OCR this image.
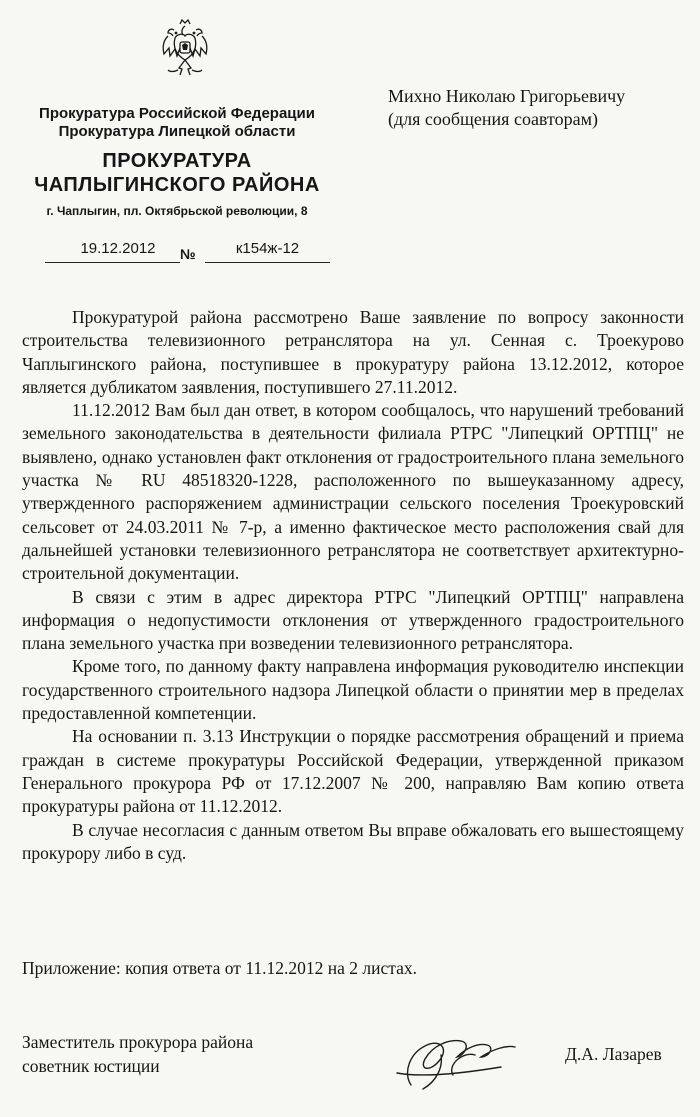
Прокуратура Российской Федерации
Прокуратура Липецкой области
ПРОКУРАТУРА
ЧАПЛЫГИНСКОГО РАЙОНА
г. Чаплыгин, пл. Октябрьской революции, 8
19.12.2012	№	к154ж-12
Михно Николаю Григорьевичу
(для сообщения соавторам)

Прокуратурой района рассмотрено Ваше заявление по вопросу законности строительства телевизионного ретранслятора на ул. Сенная с. Троекурово Чаплыгинского района, поступившее в прокуратуру района 13.12.2012, которое является дубликатом заявления, поступившего 27.11.2012.

11.12.2012 Вам был дан ответ, в котором сообщалось, что нарушений требований земельного законодательства в деятельности филиала РТРС "Липецкий ОРТПЦ" не выявлено, однако установлен факт отклонения от градостроительного плана земельного участка № RU 48518320-1228, расположенного по вышеуказанному адресу, утвержденного распоряжением администрации сельского поселения Троекуровский сельсовет от 24.03.2011 № 7-р, а именно фактическое место расположения свай для дальнейшей установки телевизионного ретранслятора не соответствует архитектурно-строительной документации.

В связи с этим в адрес директора РТРС "Липецкий ОРТПЦ" направлена информация о недопустимости отклонения от утвержденного градостроительного плана земельного участка при возведении телевизионного ретранслятора.

Кроме того, по данному факту направлена информация руководителю инспекции государственного строительного надзора Липецкой области о принятии мер в пределах предоставленной компетенции.

На основании п. 3.13 Инструкции о порядке рассмотрения обращений и приема граждан в системе прокуратуры Российской Федерации, утвержденной приказом Генерального прокурора РФ от 17.12.2007 № 200, направляю Вам копию ответа прокуратуры района от 11.12.2012.

В случае несогласия с данным ответом Вы вправе обжаловать его вышестоящему прокурору либо в суд.

Приложение: копия ответа от 11.12.2012 на 2 листах.
Заместитель прокурора района
советник юстиции
Д.А. Лазарев
